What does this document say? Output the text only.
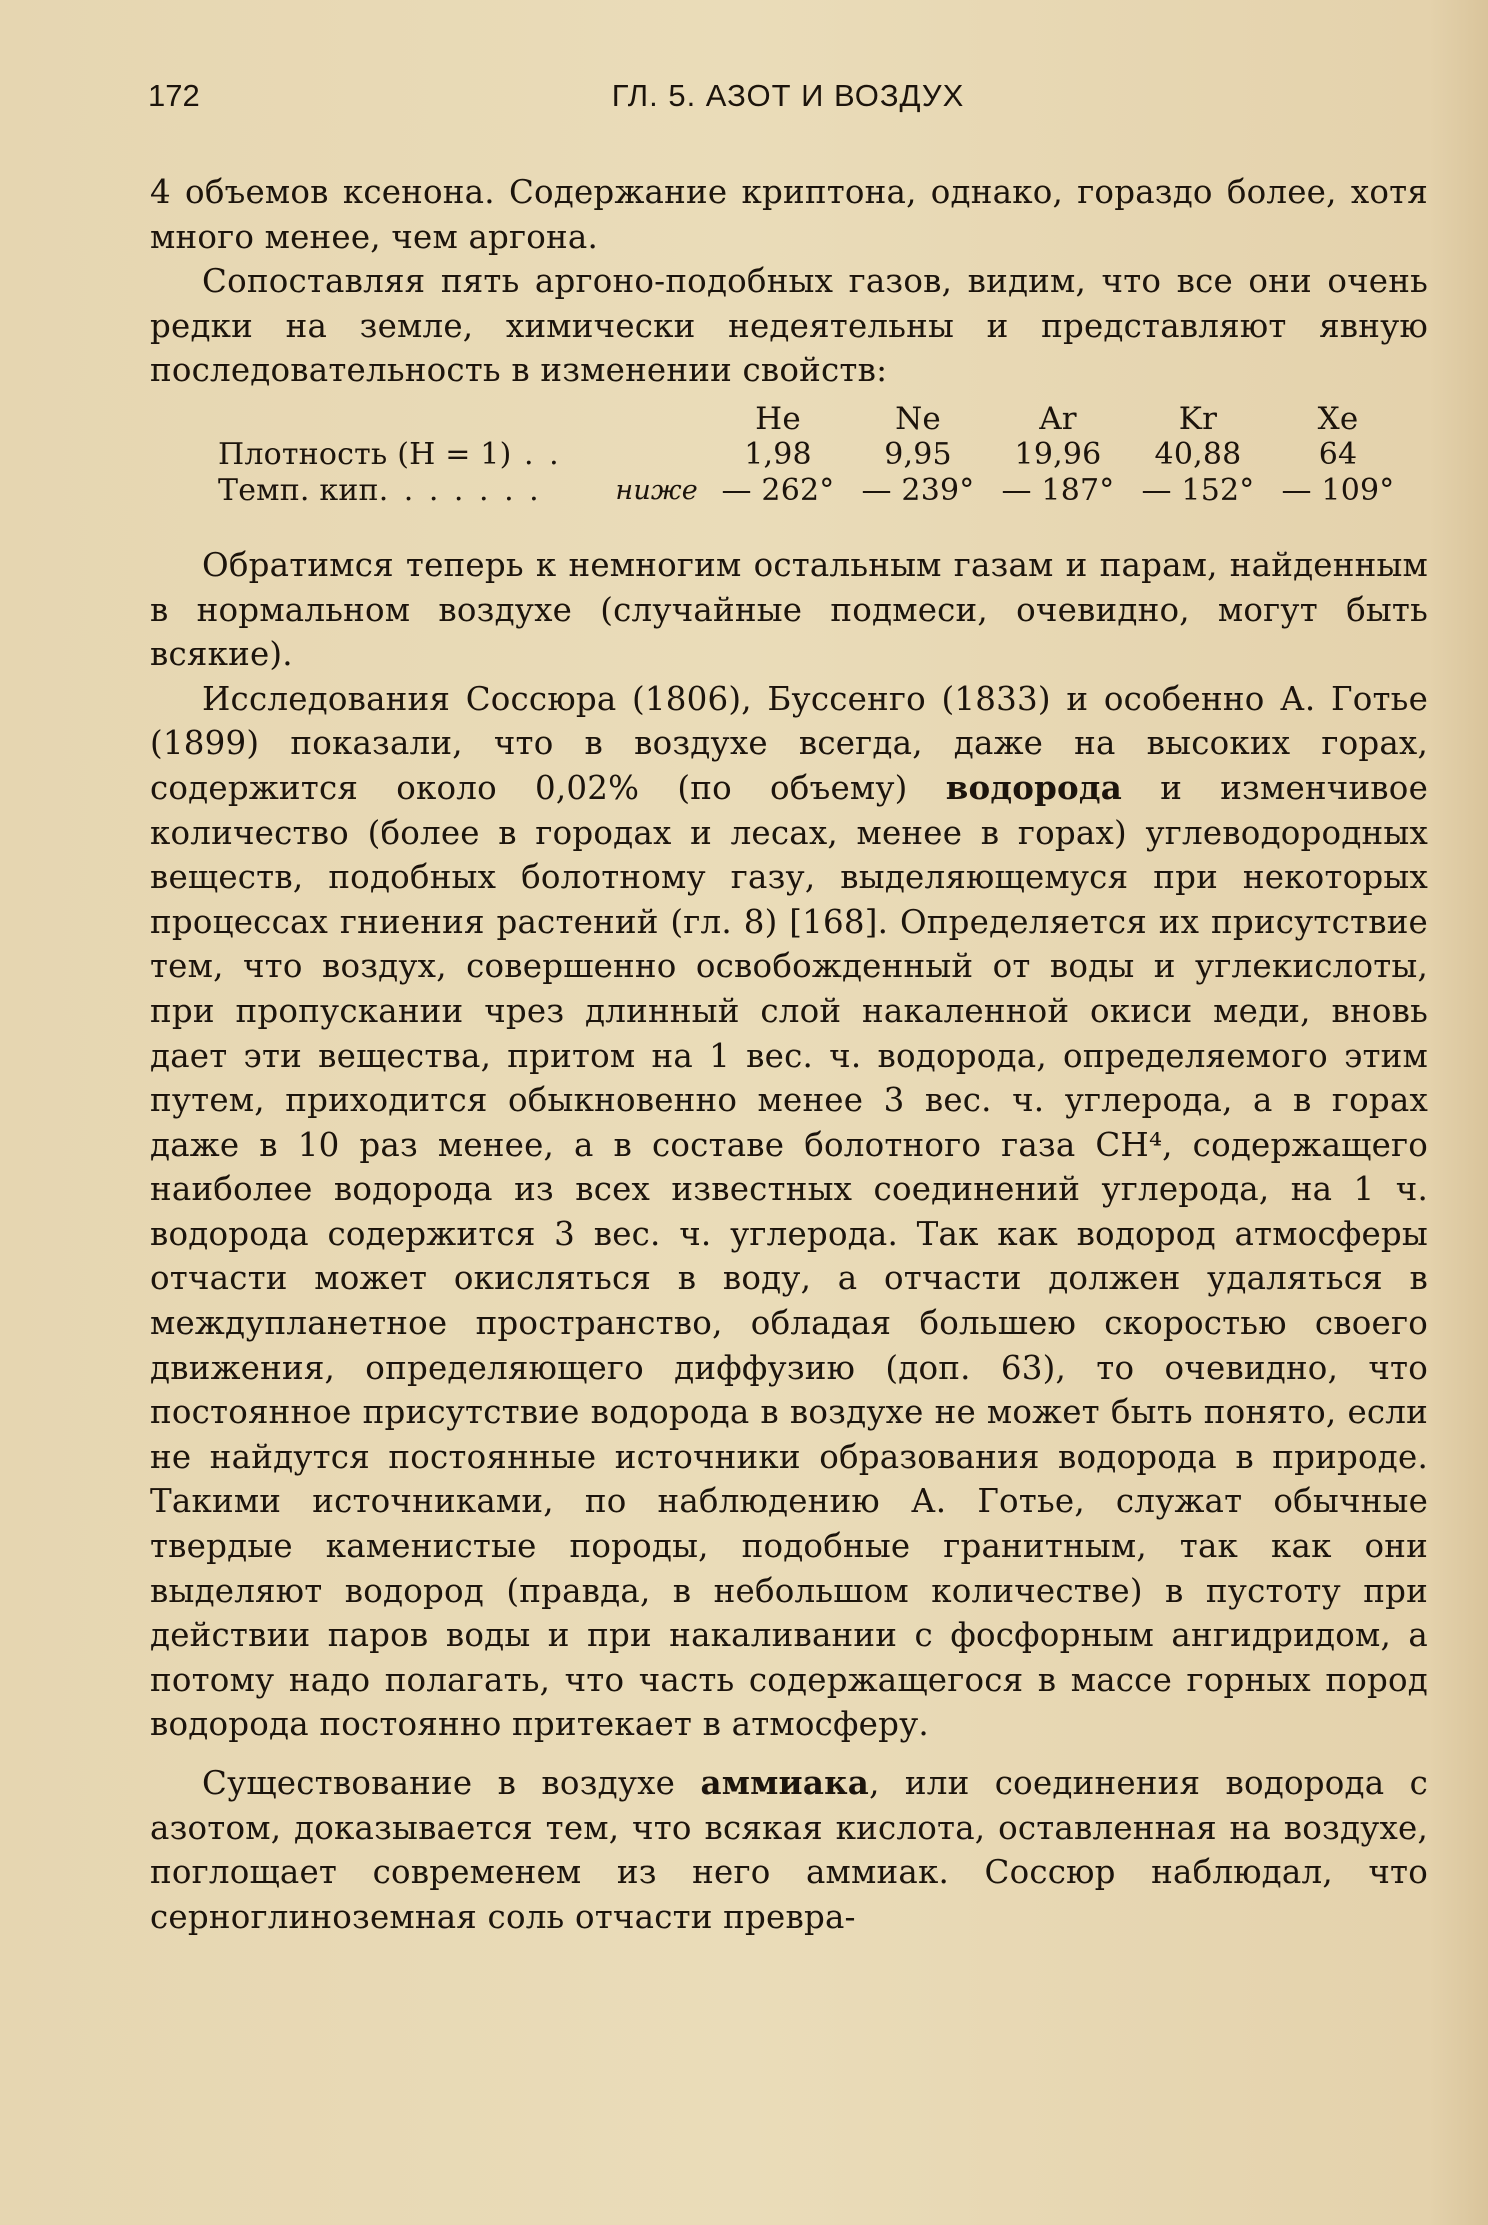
172	ГЛ. 5. АЗОТ И ВОЗДУХ

4 объемов ксенона. Содержание криптона, однако, гораздо более, хотя много менее, чем аргона.

Сопоставляя пять аргоно-подобных газов, видим, что все они очень редки на земле, химически недеятельны и представляют явную последовательность в изменении свойств:

		He	Ne	Ar	Kr	Xe
Плотность (H = 1) . .		1,98	9,95	19,96	40,88	64
Темп. кип. . . . . . .	ниже	— 262°	— 239°	— 187°	— 152°	— 109°

Обратимся теперь к немногим остальным газам и парам, найденным в нормальном воздухе (случайные подмеси, очевидно, могут быть всякие).

Исследования Соссюра (1806), Буссенго (1833) и особенно А. Готье (1899) показали, что в воздухе всегда, даже на высоких горах, содержится около 0,02% (по объему) водорода и изменчивое количество (более в городах и лесах, менее в горах) углеводородных веществ, подобных болотному газу, выделяющемуся при некоторых процессах гниения растений (гл. 8) [168]. Определяется их присутствие тем, что воздух, совершенно освобожденный от воды и углекислоты, при пропускании чрез длинный слой накаленной окиси меди, вновь дает эти вещества, притом на 1 вес. ч. водорода, определяемого этим путем, приходится обыкновенно менее 3 вес. ч. углерода, а в горах даже в 10 раз менее, а в составе болотного газа CH⁴, содержащего наиболее водорода из всех известных соединений углерода, на 1 ч. водорода содержится 3 вес. ч. углерода. Так как водород атмосферы отчасти может окисляться в воду, а отчасти должен удаляться в междупланетное пространство, обладая большею скоростью своего движения, определяющего диффузию (доп. 63), то очевидно, что постоянное присутствие водорода в воздухе не может быть понято, если не найдутся постоянные источники образования водорода в природе. Такими источниками, по наблюдению А. Готье, служат обычные твердые каменистые породы, подобные гранитным, так как они выделяют водород (правда, в небольшом количестве) в пустоту при действии паров воды и при накаливании с фосфорным ангидридом, а потому надо полагать, что часть содержащегося в массе горных пород водорода постоянно притекает в атмосферу.

Существование в воздухе аммиака, или соединения водорода с азотом, доказывается тем, что всякая кислота, оставленная на воздухе, поглощает современем из него аммиак. Соссюр наблюдал, что серноглиноземная соль отчасти превра-
